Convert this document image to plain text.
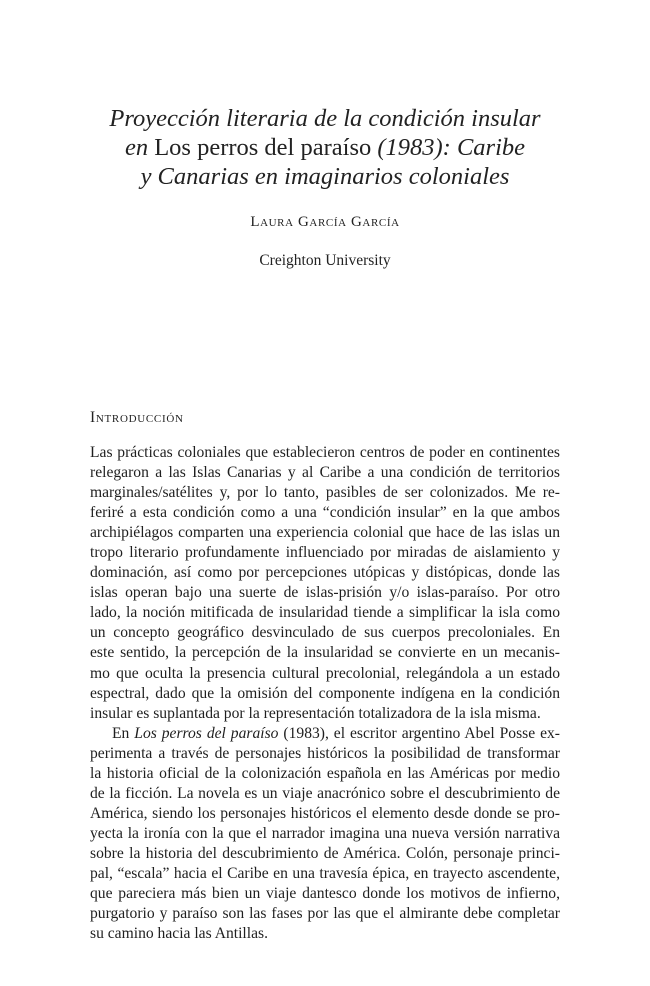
Proyección literaria de la condición insular
en Los perros del paraíso (1983): Caribe
y Canarias en imaginarios coloniales
Laura García García
Creighton University
Introducción
Las prácticas coloniales que establecieron centros de poder en continentes
relegaron a las Islas Canarias y al Caribe a una condición de territorios
marginales/satélites y, por lo tanto, pasibles de ser colonizados. Me re-
feriré a esta condición como a una “condición insular” en la que ambos
archipiélagos comparten una experiencia colonial que hace de las islas un
tropo literario profundamente influenciado por miradas de aislamiento y
dominación, así como por percepciones utópicas y distópicas, donde las
islas operan bajo una suerte de islas-prisión y/o islas-paraíso. Por otro
lado, la noción mitificada de insularidad tiende a simplificar la isla como
un concepto geográfico desvinculado de sus cuerpos precoloniales. En
este sentido, la percepción de la insularidad se convierte en un mecanis-
mo que oculta la presencia cultural precolonial, relegándola a un estado
espectral, dado que la omisión del componente indígena en la condición
insular es suplantada por la representación totalizadora de la isla misma.
En Los perros del paraíso (1983), el escritor argentino Abel Posse ex-
perimenta a través de personajes históricos la posibilidad de transformar
la historia oficial de la colonización española en las Américas por medio
de la ficción. La novela es un viaje anacrónico sobre el descubrimiento de
América, siendo los personajes históricos el elemento desde donde se pro-
yecta la ironía con la que el narrador imagina una nueva versión narrativa
sobre la historia del descubrimiento de América. Colón, personaje princi-
pal, “escala” hacia el Caribe en una travesía épica, en trayecto ascendente,
que pareciera más bien un viaje dantesco donde los motivos de infierno,
purgatorio y paraíso son las fases por las que el almirante debe completar
su camino hacia las Antillas.
